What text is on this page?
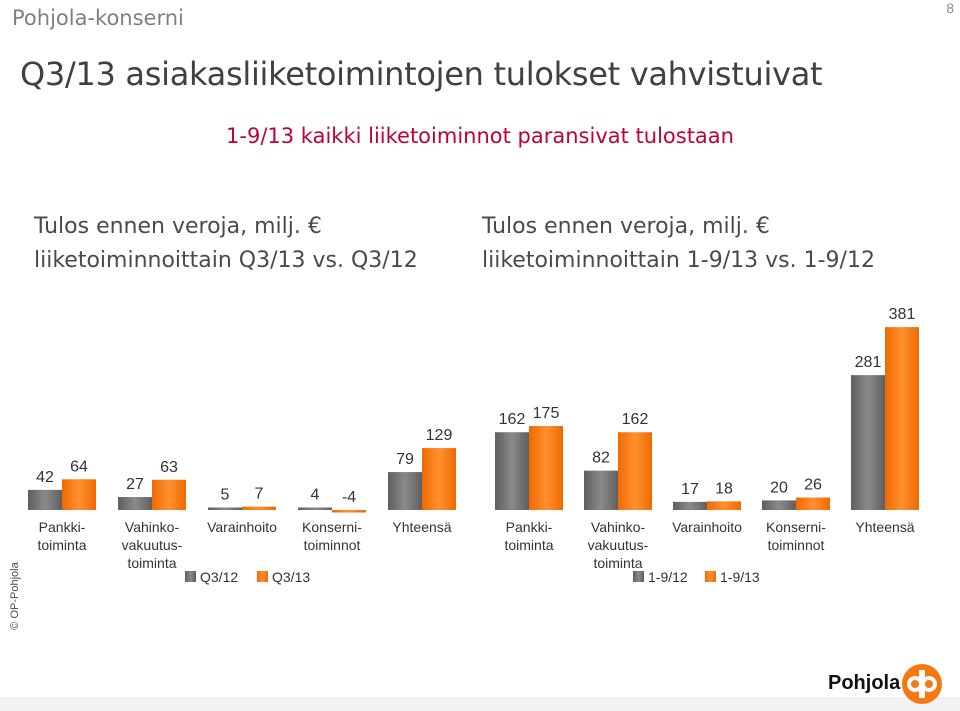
Pohjola-konserni	8
Q3/13 asiakasliiketoimintojen tulokset vahvistuivat
1-9/13 kaikki liiketoiminnot paransivat tulostaan
Tulos ennen veroja, milj. €
liiketoiminnoittain Q3/13 vs. Q3/12
Tulos ennen veroja, milj. €
liiketoiminnoittain 1-9/13 vs. 1-9/12
42
64
Pankki-
toiminta
27
63
Vahinko-
vakuutus-
toiminta
5 7
Varainhoito
4 -4
Konserni-
toiminnot
79
129
Yhteensä
Q3/12 Q3/13
162 175
Pankki-
toiminta
82
162
Vahinko-
vakuutus-
toiminta
17 18
Varainhoito
20 26
Konserni-
toiminnot
281
381
Yhteensä
1-9/12 1-9/13
© OP-Pohjola
Pohjola
